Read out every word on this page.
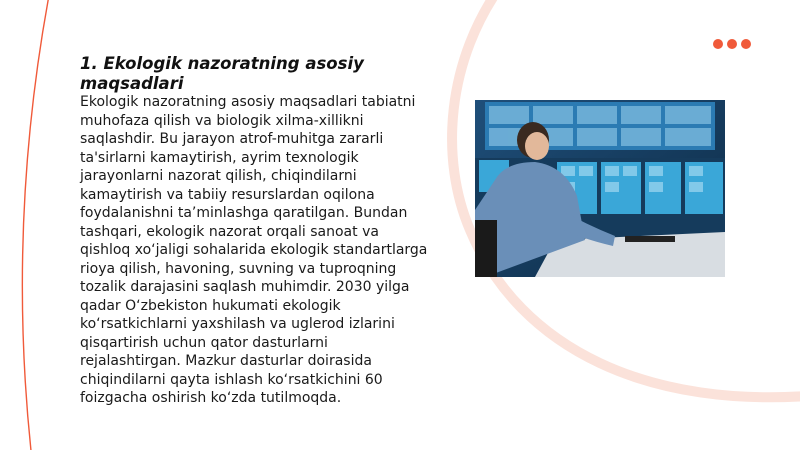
1. Ekologik nazoratning asosiy maqsadlari
Ekologik nazoratning asosiy maqsadlari tabiatni muhofaza qilish va biologik xilma-xillikni saqlashdir. Bu jarayon atrof-muhitga zararli ta'sirlarni kamaytirish, ayrim texnologik jarayonlarni nazorat qilish, chiqindilarni kamaytirish va tabiiy resurslardan oqilona foydalanishni ta’minlashga qaratilgan. Bundan tashqari, ekologik nazorat orqali sanoat va qishloq xo‘jaligi sohalarida ekologik standartlarga rioya qilish, havoning, suvning va tuproqning tozalik darajasini saqlash muhimdir. 2030 yilga qadar O‘zbekiston hukumati ekologik ko‘rsatkichlarni yaxshilash va uglerod izlarini qisqartirish uchun qator dasturlarni rejalashtirgan. Mazkur dasturlar doirasida chiqindilarni qayta ishlash ko‘rsatkichini 60 foizgacha oshirish ko‘zda tutilmoqda.
